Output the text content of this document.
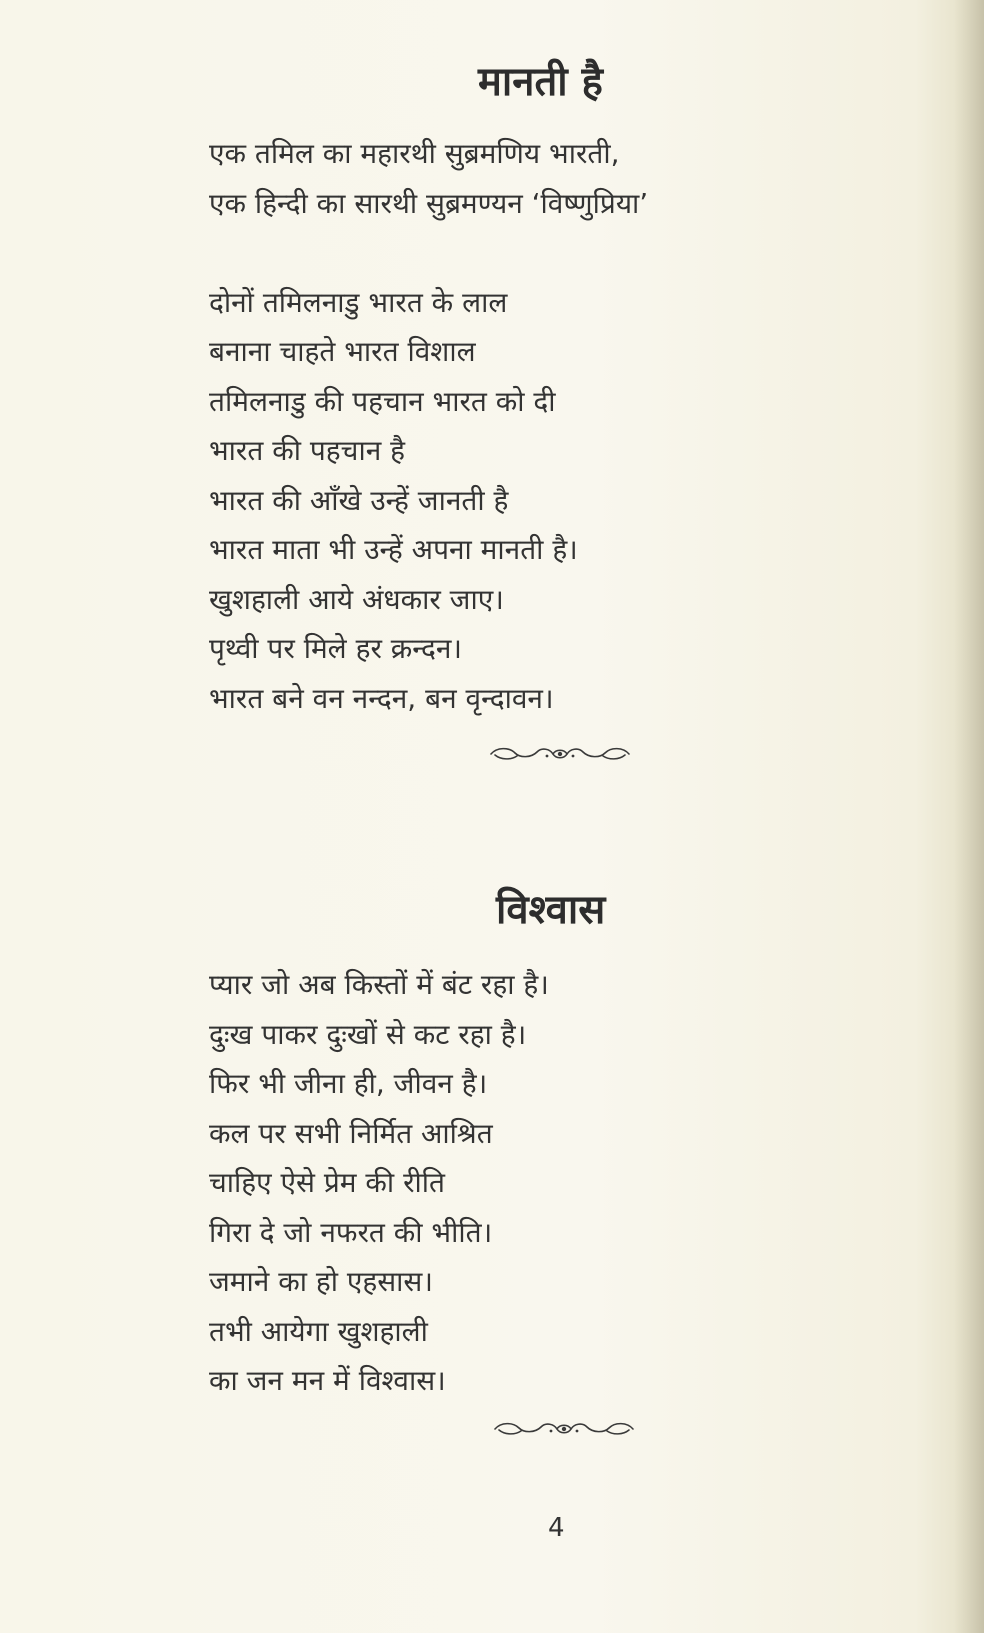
मानती है
एक तमिल का महारथी सुब्रमणिय भारती,
एक हिन्दी का सारथी सुब्रमण्यन ‘विष्णुप्रिया’
दोनों तमिलनाडु भारत के लाल
बनाना चाहते भारत विशाल
तमिलनाडु की पहचान भारत को दी
भारत की पहचान है
भारत की आँखे उन्हें जानती है
भारत माता भी उन्हें अपना मानती है।
खुशहाली आये अंधकार जाए।
पृथ्वी पर मिले हर क्रन्दन।
भारत बने वन नन्दन, बन वृन्दावन।
विश्वास
प्यार जो अब किस्तों में बंट रहा है।
दुःख पाकर दुःखों से कट रहा है।
फिर भी जीना ही, जीवन है।
कल पर सभी निर्मित आश्रित
चाहिए ऐसे प्रेम की रीति
गिरा दे जो नफरत की भीति।
जमाने का हो एहसास।
तभी आयेगा खुशहाली
का जन मन में विश्वास।
4
